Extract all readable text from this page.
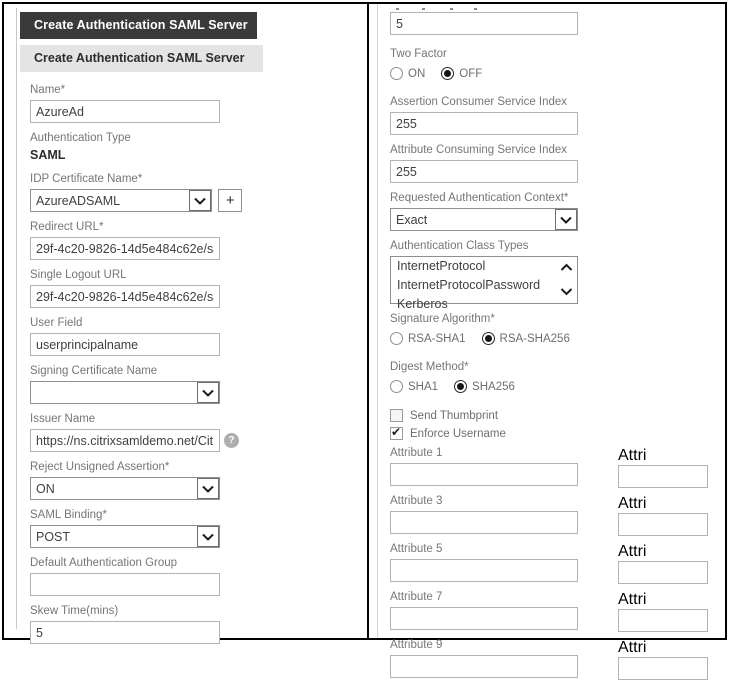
Create Authentication SAML Server
Create Authentication SAML Server
Name*
AzureAd
Authentication Type
SAML
IDP Certificate Name*
AzureADSAML	+
Redirect URL*
29f-4c20-9826-14d5e484c62e/saml2
Single Logout URL
29f-4c20-9826-14d5e484c62e/saml2
User Field
userprincipalname
Signing Certificate Name
Issuer Name
https://ns.citrixsamldemo.net/Citrix/S
?
Reject Unsigned Assertion*
ON
SAML Binding*
POST
Default Authentication Group
Skew Time(mins)
5
5
Two Factor
ON	OFF
Assertion Consumer Service Index
255
Attribute Consuming Service Index
255
Requested Authentication Context*
Exact
Authentication Class Types
InternetProtocol
InternetProtocolPassword
Kerberos
Signature Algorithm*
RSA-SHA1	RSA-SHA256
Digest Method*
SHA1	SHA256
Send Thumbprint
✔
Enforce Username
Attribute 1	Attri
Attribute 3	Attri
Attribute 5	Attri
Attribute 7	Attri
Attribute 9	Attri
